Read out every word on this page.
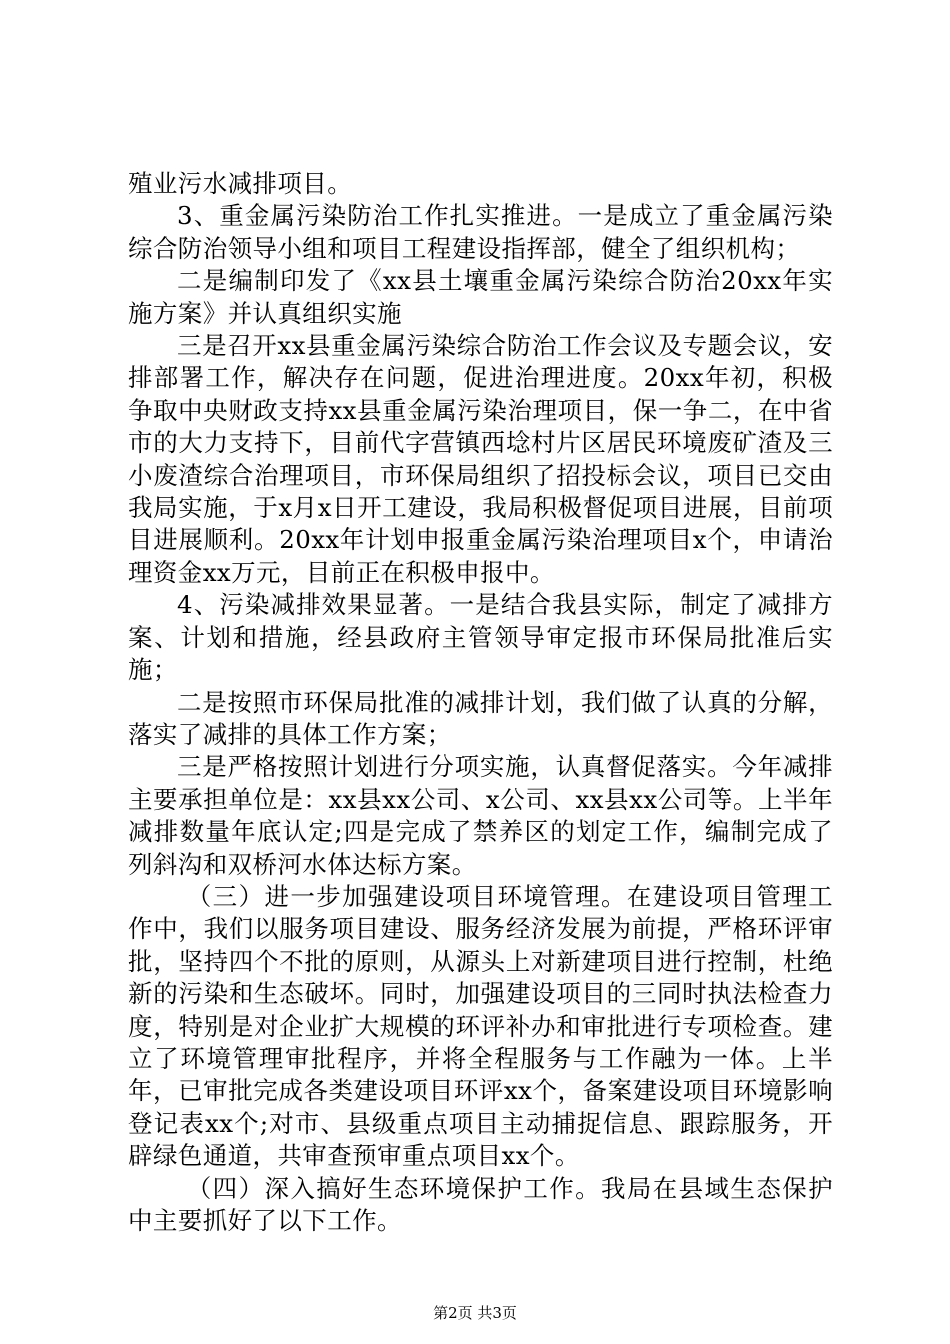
殖业污水减排项目。

3、重金属污染防治工作扎实推进。一是成立了重金属污染综合防治领导小组和项目工程建设指挥部，健全了组织机构；

二是编制印发了《xx县土壤重金属污染综合防治20xx年实施方案》并认真组织实施

三是召开xx县重金属污染综合防治工作会议及专题会议，安排部署工作，解决存在问题，促进治理进度。20xx年初，积极争取中央财政支持xx县重金属污染治理项目，保一争二，在中省市的大力支持下，目前代字营镇西埝村片区居民环境废矿渣及三小废渣综合治理项目，市环保局组织了招投标会议，项目已交由我局实施，于x月x日开工建设，我局积极督促项目进展，目前项目进展顺利。20xx年计划申报重金属污染治理项目x个，申请治理资金xx万元，目前正在积极申报中。

4、污染减排效果显著。一是结合我县实际，制定了减排方案、计划和措施，经县政府主管领导审定报市环保局批准后实施；

二是按照市环保局批准的减排计划，我们做了认真的分解，落实了减排的具体工作方案；

三是严格按照计划进行分项实施，认真督促落实。今年减排主要承担单位是：xx县xx公司、x公司、xx县xx公司等。上半年减排数量年底认定;四是完成了禁养区的划定工作，编制完成了列斜沟和双桥河水体达标方案。

（三）进一步加强建设项目环境管理。在建设项目管理工作中，我们以服务项目建设、服务经济发展为前提，严格环评审批，坚持四个不批的原则，从源头上对新建项目进行控制，杜绝新的污染和生态破坏。同时，加强建设项目的三同时执法检查力度，特别是对企业扩大规模的环评补办和审批进行专项检查。建立了环境管理审批程序，并将全程服务与工作融为一体。上半年，已审批完成各类建设项目环评xx个，备案建设项目环境影响登记表xx个;对市、县级重点项目主动捕捉信息、跟踪服务，开辟绿色通道，共审查预审重点项目xx个。

（四）深入搞好生态环境保护工作。我局在县域生态保护中主要抓好了以下工作。

第2页 共3页
